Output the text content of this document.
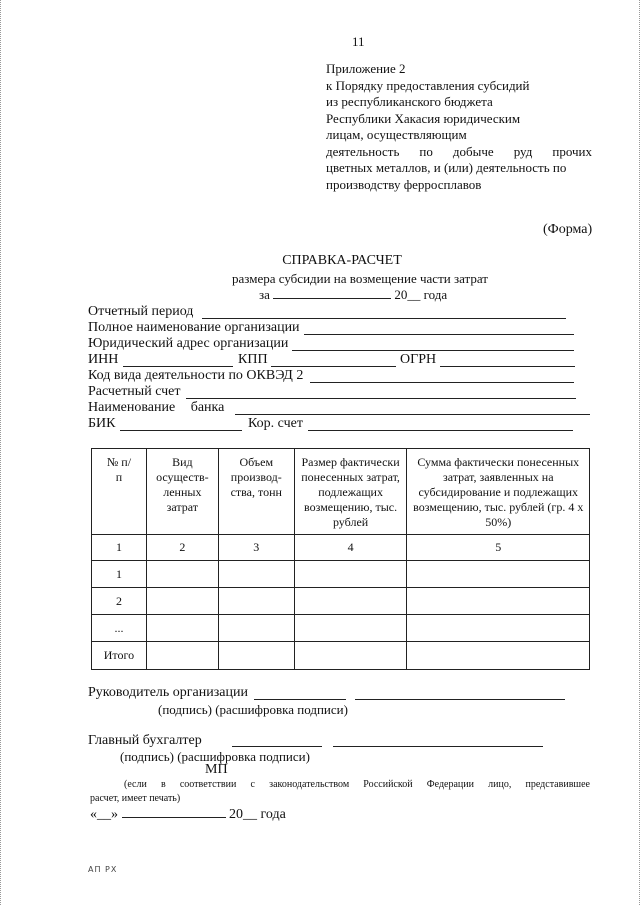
11
Приложение 2
к Порядку предоставления субсидий
из республиканского бюджета
Республики Хакасия юридическим
лицам, осуществляющим
деятельность по добыче руд прочих
цветных металлов, и (или) деятельность по
производству ферросплавов
(Форма)
СПРАВКА-РАСЧЕТ
размера субсидии на возмещение части затрат
за	20__ года
Отчетный период
Полное наименование организации
Юридический адрес организации
ИНН	КПП	ОГРН
Код вида деятельности по ОКВЭД 2
Расчетный счет
Наименование банка
БИК	Кор. счет
№ п/п	Вид осуществ-ленных затрат	Объем производ-ства, тонн	Размер фактически понесенных затрат, подлежащих возмещению, тыс. рублей	Сумма фактически понесенных затрат, заявленных на субсидирование и подлежащих возмещению, тыс. рублей (гр. 4 х 50%)
1	2	3	4	5
1				
2				
...				
Итого				
Руководитель организации
(подпись) (расшифровка подписи)
Главный бухгалтер
(подпись) (расшифровка подписи)
МП
(если в соответствии с законодательством Российской Федерации лицо, представившее
расчет, имеет печать)
«__»	20__ года
АП РХ
